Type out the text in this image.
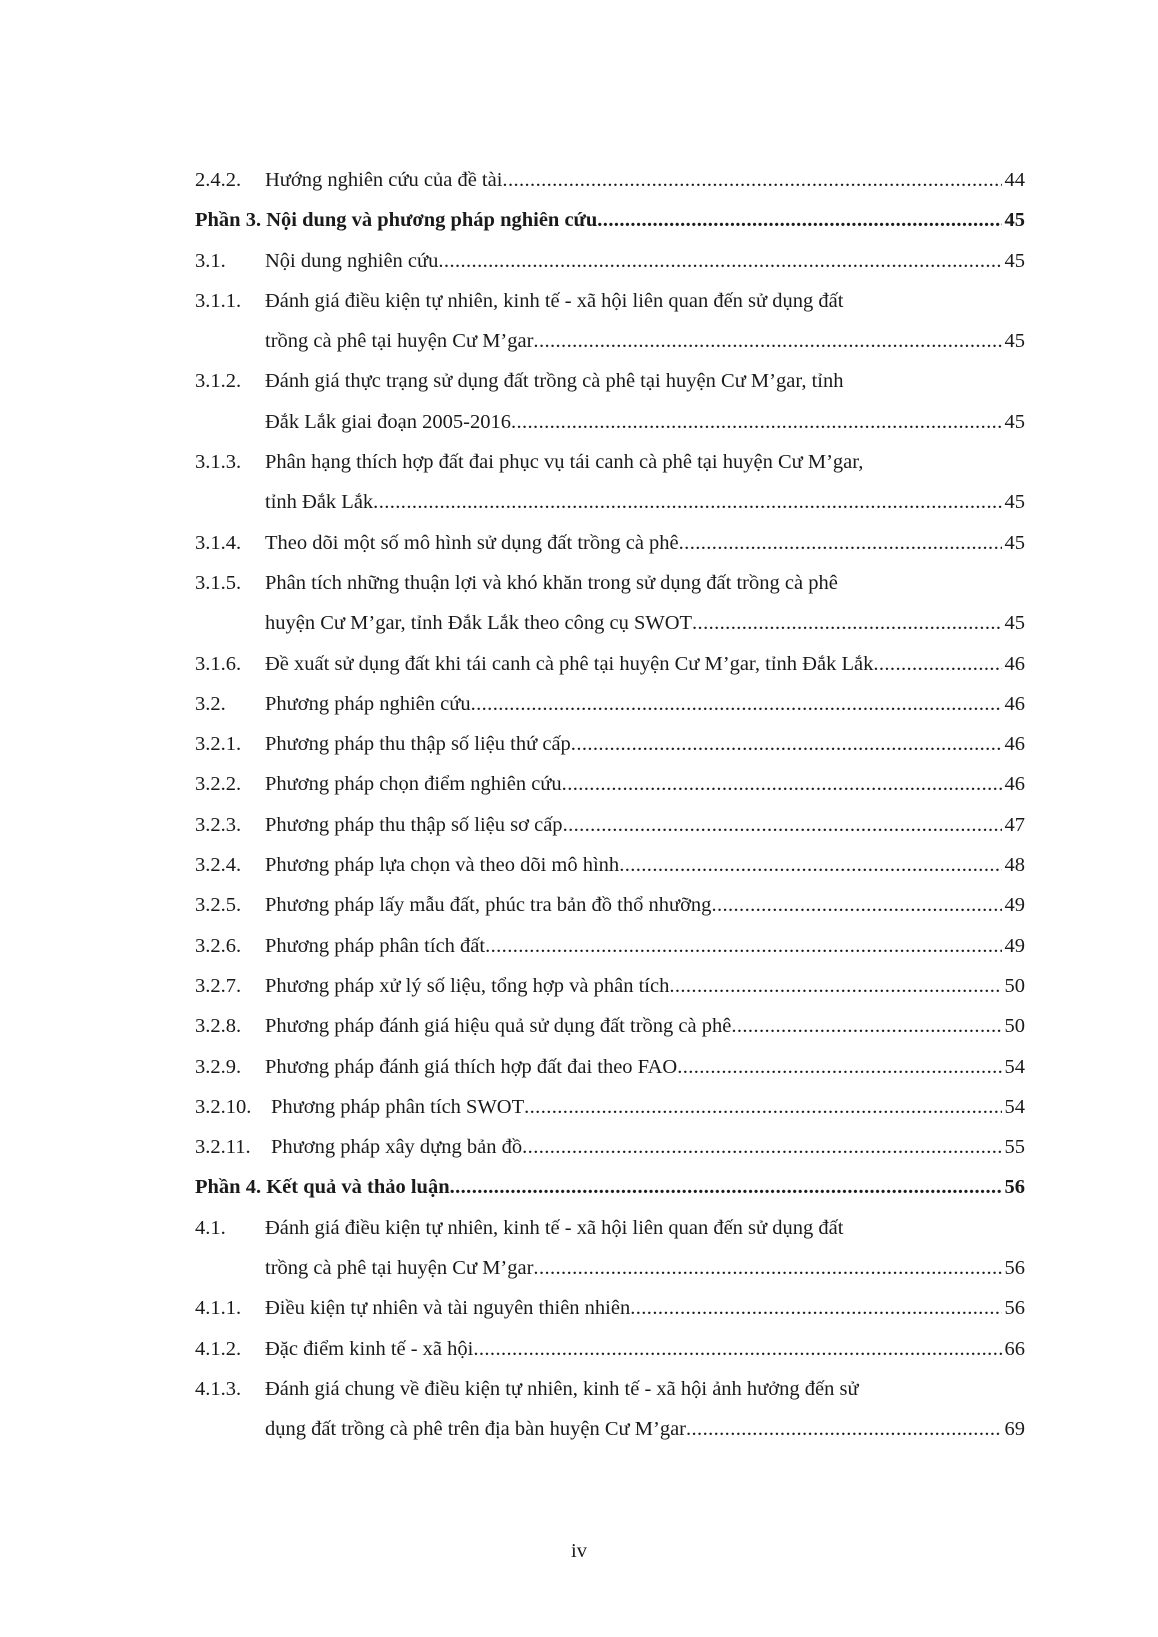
2.4.2.	Hướng nghiên cứu của đề tài .....	44
Phần 3. Nội dung và phương pháp nghiên cứu .....	45
3.1.	Nội dung nghiên cứu .....	45
3.1.1.	Đánh giá điều kiện tự nhiên, kinh tế - xã hội liên quan đến sử dụng đất
trồng cà phê tại huyện Cư M’gar .....	45
3.1.2.	Đánh giá thực trạng sử dụng đất trồng cà phê tại huyện Cư M’gar, tỉnh
Đắk Lắk giai đoạn 2005-2016 .....	45
3.1.3.	Phân hạng thích hợp đất đai phục vụ tái canh cà phê tại huyện Cư M’gar,
tỉnh Đắk Lắk .....	45
3.1.4.	Theo dõi một số mô hình sử dụng đất trồng cà phê .....	45
3.1.5.	Phân tích những thuận lợi và khó khăn trong sử dụng đất trồng cà phê
huyện Cư M’gar, tỉnh Đắk Lắk theo công cụ SWOT .....	45
3.1.6.	Đề xuất sử dụng đất khi tái canh cà phê tại huyện Cư M’gar, tỉnh Đắk Lắk .....	46
3.2.	Phương pháp nghiên cứu .....	46
3.2.1.	Phương pháp thu thập số liệu thứ cấp .....	46
3.2.2.	Phương pháp chọn điểm nghiên cứu .....	46
3.2.3.	Phương pháp thu thập số liệu sơ cấp .....	47
3.2.4.	Phương pháp lựa chọn và theo dõi mô hình .....	48
3.2.5.	Phương pháp lấy mẫu đất, phúc tra bản đồ thổ nhưỡng .....	49
3.2.6.	Phương pháp phân tích đất .....	49
3.2.7.	Phương pháp xử lý số liệu, tổng hợp và phân tích .....	50
3.2.8.	Phương pháp đánh giá hiệu quả sử dụng đất trồng cà phê .....	50
3.2.9.	Phương pháp đánh giá thích hợp đất đai theo FAO .....	54
3.2.10. Phương pháp phân tích SWOT .....	54
3.2.11. Phương pháp xây dựng bản đồ .....	55
Phần 4. Kết quả và thảo luận .....	56
4.1.	Đánh giá điều kiện tự nhiên, kinh tế - xã hội liên quan đến sử dụng đất
trồng cà phê tại huyện Cư M’gar .....	56
4.1.1.	Điều kiện tự nhiên và tài nguyên thiên nhiên .....	56
4.1.2.	Đặc điểm kinh tế - xã hội .....	66
4.1.3.	Đánh giá chung về điều kiện tự nhiên, kinh tế - xã hội ảnh hưởng đến sử
dụng đất trồng cà phê trên địa bàn huyện Cư M’gar .....	69
iv
